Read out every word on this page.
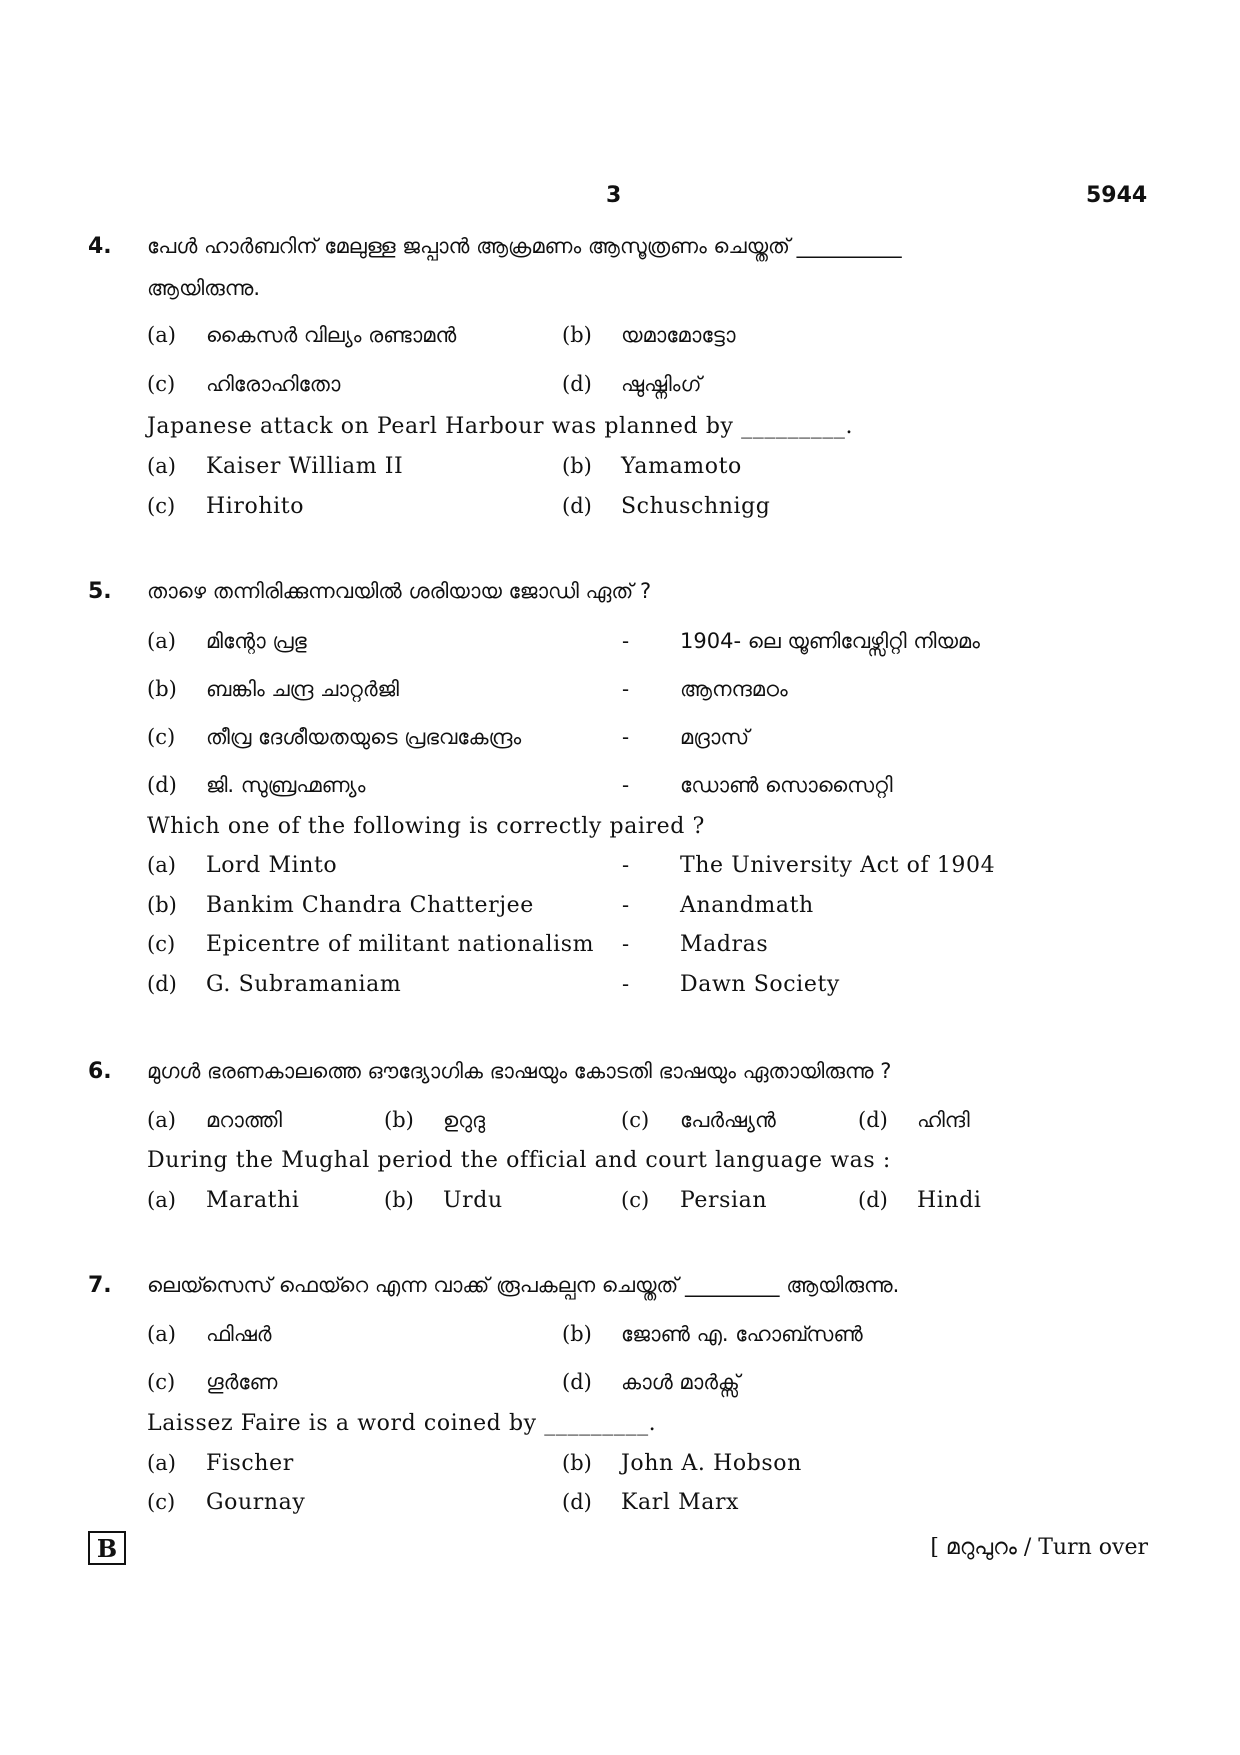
3	5944
4. പേൾ ഹാർബറിന് മേലുള്ള ജപ്പാൻ ആക്രമണം ആസൂത്രണം ചെയ്തത് __________
ആയിരുന്നു.
(a) കൈസർ വില്യം രണ്ടാമൻ	(b) യമാമോട്ടോ
(c) ഹിരോഹിതോ	(d) ഷുഷ്നിംഗ്
Japanese attack on Pearl Harbour was planned by _________.
(a) Kaiser William II	(b) Yamamoto
(c) Hirohito	(d) Schuschnigg
5. താഴെ തന്നിരിക്കുന്നവയിൽ ശരിയായ ജോഡി ഏത് ?
(a) മിന്റോ പ്രഭു	- 1904- ലെ യൂണിവേഴ്സിറ്റി നിയമം
(b) ബങ്കിം ചന്ദ്ര ചാറ്റർജി	- ആനന്ദമഠം
(c) തീവ്ര ദേശീയതയുടെ പ്രഭവകേന്ദ്രം	- മദ്രാസ്
(d) ജി. സുബ്രഹ്മണ്യം	- ഡോൺ സൊസൈറ്റി
Which one of the following is correctly paired ?
(a) Lord Minto	- The University Act of 1904
(b) Bankim Chandra Chatterjee	- Anandmath
(c) Epicentre of militant nationalism - Madras
(d) G. Subramaniam	- Dawn Society
6. മുഗൾ ഭരണകാലത്തെ ഔദ്യോഗിക ഭാഷയും കോടതി ഭാഷയും ഏതായിരുന്നു ?
(a) മറാത്തി	(b) ഉറുദു	(c) പേർഷ്യൻ	(d) ഹിന്ദി
During the Mughal period the official and court language was :
(a) Marathi	(b) Urdu	(c) Persian	(d) Hindi
7. ലെയ്സെസ് ഫെയ്റെ എന്ന വാക്ക് രൂപകല്പന ചെയ്തത് _________ ആയിരുന്നു.
(a) ഫിഷർ	(b) ജോൺ എ. ഹോബ്സൺ
(c) ഗൂർണേ	(d) കാൾ മാർക്സ്
Laissez Faire is a word coined by _________.
(a) Fischer	(b) John A. Hobson
(c) Gournay	(d) Karl Marx
B	[ മറുപുറം / Turn over
